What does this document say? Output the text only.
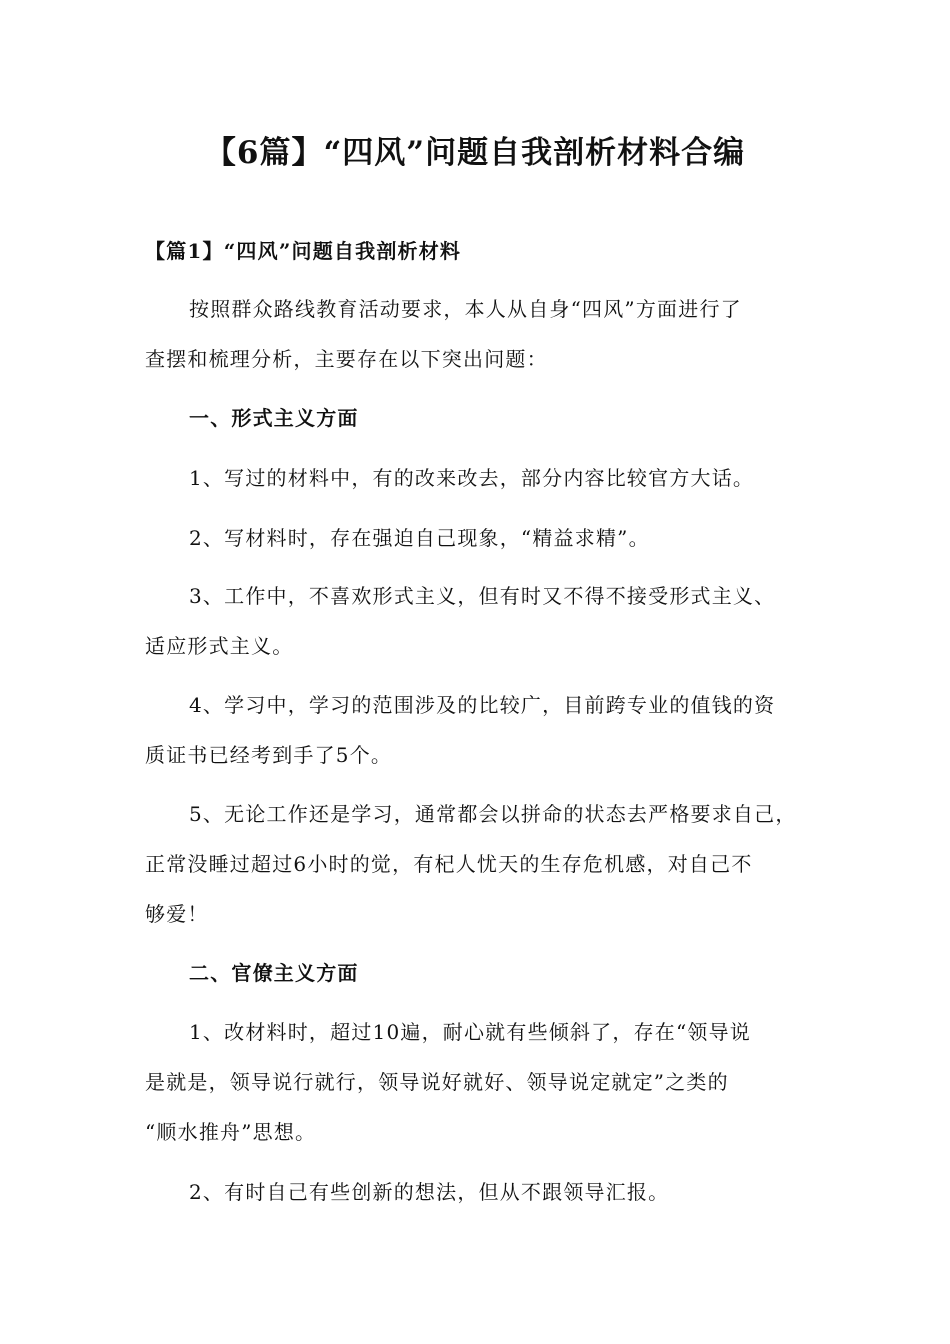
【6篇】“四风”问题自我剖析材料合编
【篇1】“四风”问题自我剖析材料
按照群众路线教育活动要求，本人从自身“四风”方面进行了
查摆和梳理分析，主要存在以下突出问题：
一、形式主义方面
1、写过的材料中，有的改来改去，部分内容比较官方大话。
2、写材料时，存在强迫自己现象，“精益求精”。
3、工作中，不喜欢形式主义，但有时又不得不接受形式主义、
适应形式主义。
4、学习中，学习的范围涉及的比较广，目前跨专业的值钱的资
质证书已经考到手了5个。
5、无论工作还是学习，通常都会以拼命的状态去严格要求自己，
正常没睡过超过6小时的觉，有杞人忧天的生存危机感，对自己不
够爱！
二、官僚主义方面
1、改材料时，超过10遍，耐心就有些倾斜了，存在“领导说
是就是，领导说行就行，领导说好就好、领导说定就定”之类的
“顺水推舟”思想。
2、有时自己有些创新的想法，但从不跟领导汇报。
